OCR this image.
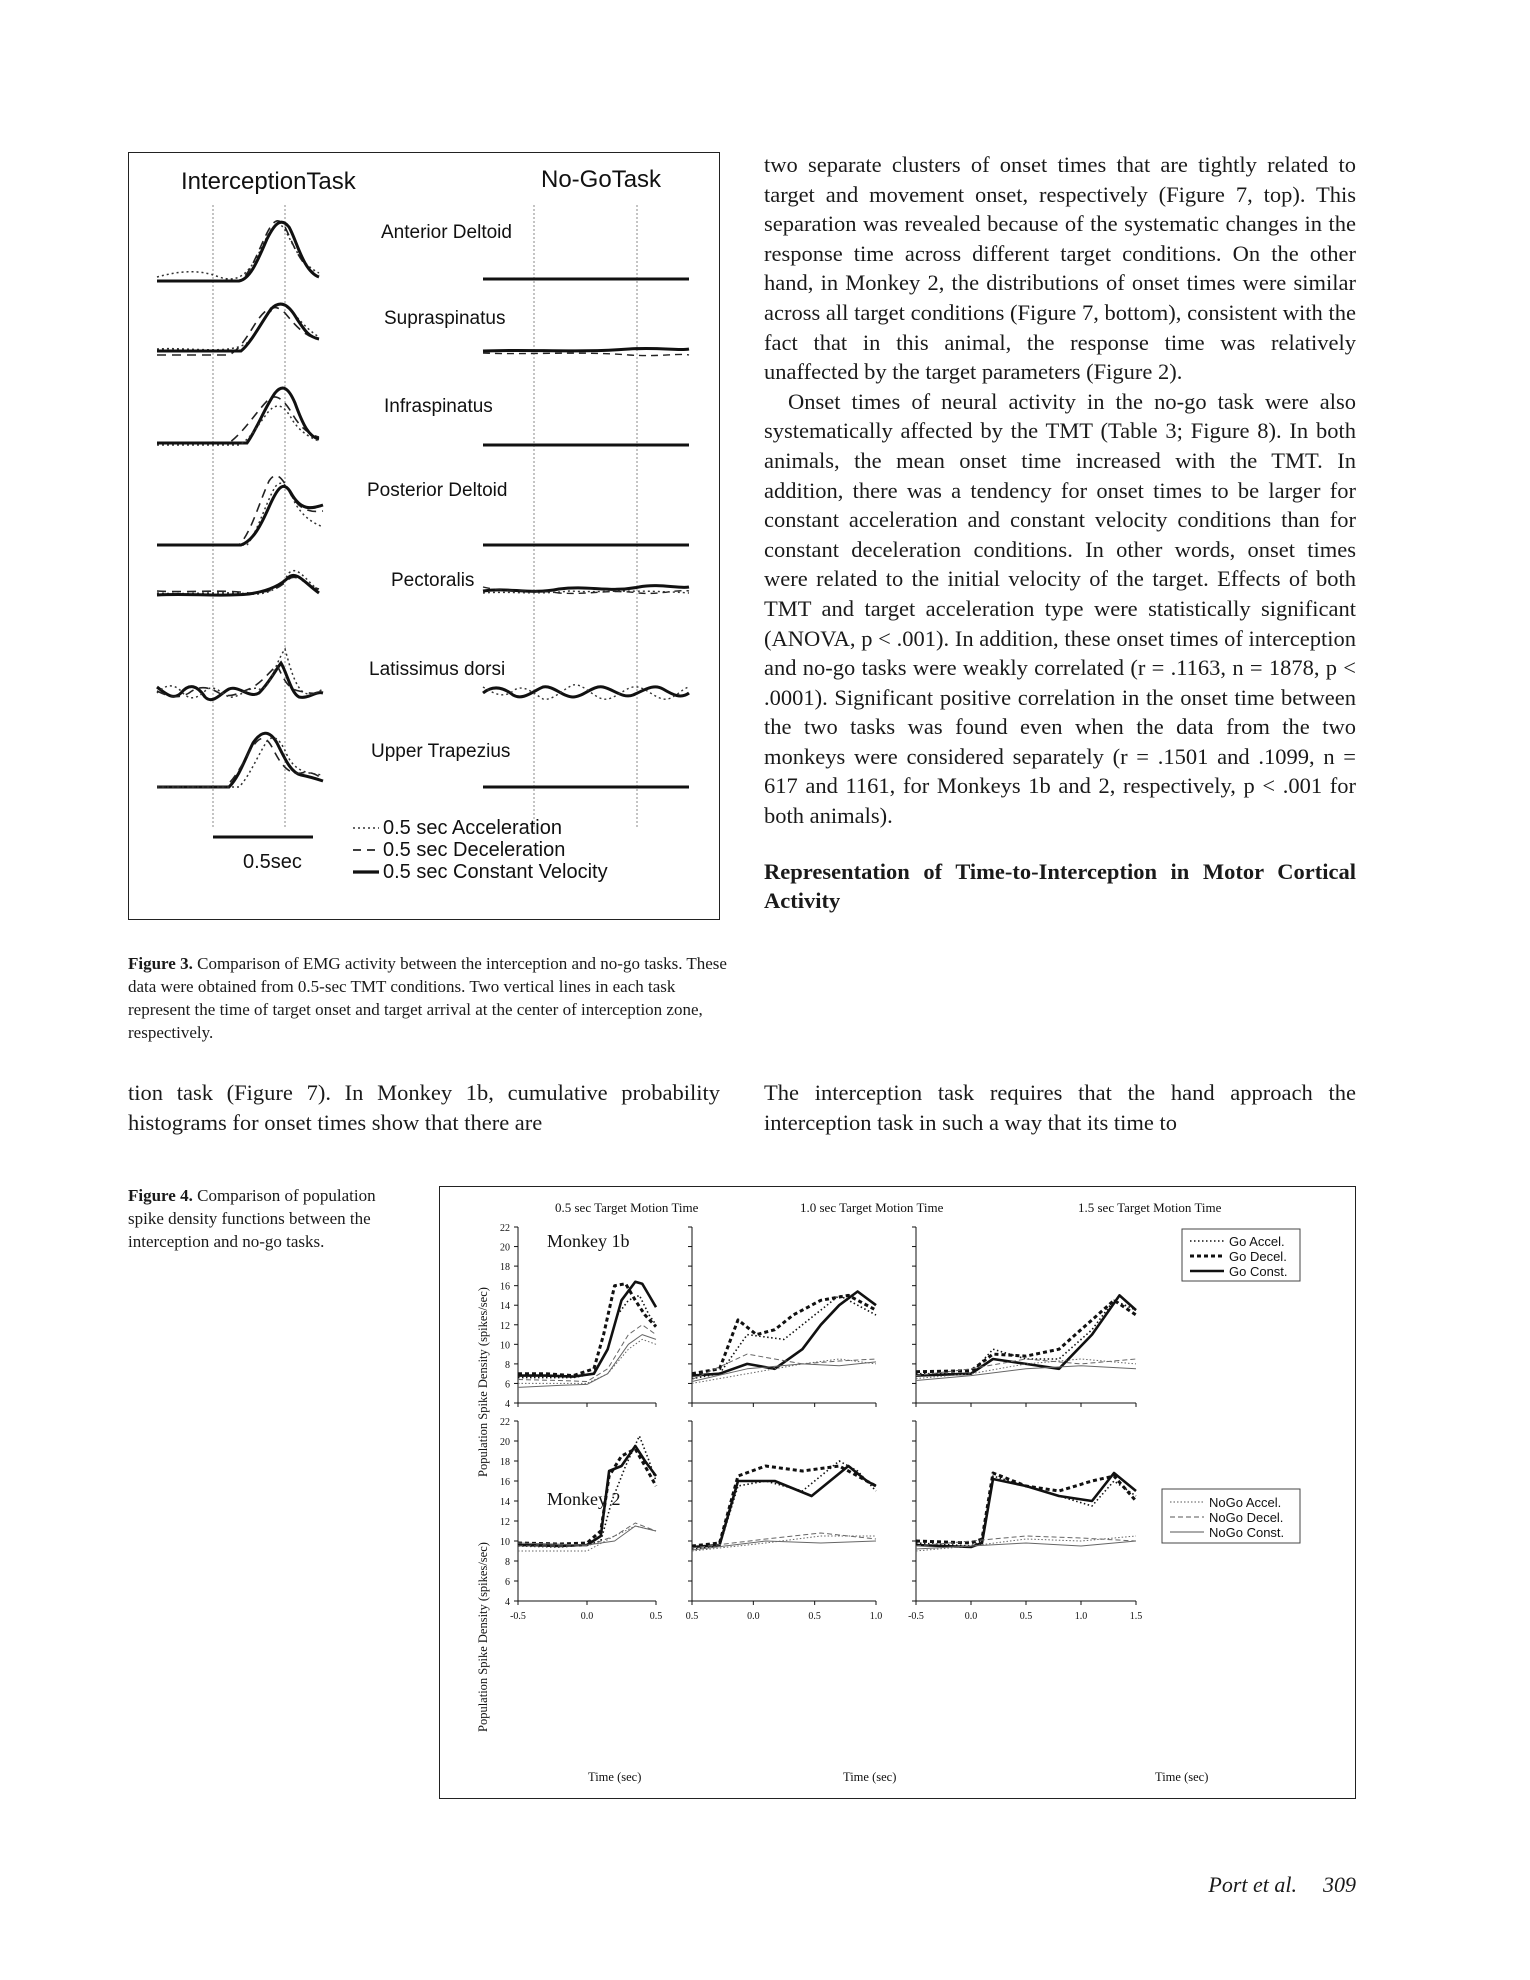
InterceptionTask	No-GoTask
Anterior Deltoid
Supraspinatus
Infraspinatus
Posterior Deltoid
Pectoralis
Latissimus dorsi
Upper Trapezius
0.5sec
0.5 sec Acceleration
0.5 sec Deceleration
0.5 sec Constant Velocity
Figure 3. Comparison of EMG activity between the interception and no-go tasks. These data were obtained from 0.5-sec TMT conditions. Two vertical lines in each task represent the time of target onset and target arrival at the center of interception zone, respectively.

tion task (Figure 7). In Monkey 1b, cumulative probability histograms for onset times show that there are

two separate clusters of onset times that are tightly related to target and movement onset, respectively (Figure 7, top). This separation was revealed because of the systematic changes in the response time across different target conditions. On the other hand, in Monkey 2, the distributions of onset times were similar across all target conditions (Figure 7, bottom), consistent with the fact that in this animal, the response time was relatively unaffected by the target parameters (Figure 2).

Onset times of neural activity in the no-go task were also systematically affected by the TMT (Table 3; Figure 8). In both animals, the mean onset time increased with the TMT. In addition, there was a tendency for onset times to be larger for constant acceleration and constant velocity conditions than for constant deceleration conditions. In other words, onset times were related to the initial velocity of the target. Effects of both TMT and target acceleration type were statistically significant (ANOVA, p < .001). In addition, these onset times of interception and no-go tasks were weakly correlated (r = .1163, n = 1878, p < .0001). Significant positive correlation in the onset time between the two tasks was found even when the data from the two monkeys were considered separately (r = .1501 and .1099, n = 617 and 1161, for Monkeys 1b and 2, respectively, p < .001 for both animals).

Representation of Time-to-Interception in Motor Cortical Activity

The interception task requires that the hand approach the interception task in such a way that its time to

Figure 4. Comparison of population spike density functions between the interception and no-go tasks.
0.5 sec Target Motion Time	1.0 sec Target Motion Time	1.5 sec Target Motion Time
Population Spike Density (spikes/sec)
Population Spike Density (spikes/sec)
Monkey 1b
Monkey 2
Time (sec)	Time (sec)	Time (sec)
4
6
8
10
12
14
16
18
20
22
4
6
8
10
12
14
16
18
20
22
-0.5	0.0	0.5 0.5	0.0	0.5	1.0	-0.5	0.0	0.5	1.0	1.5
Go Accel.
Go Decel.
Go Const.
NoGo Accel.
NoGo Decel.
NoGo Const.
Port et al. 309
